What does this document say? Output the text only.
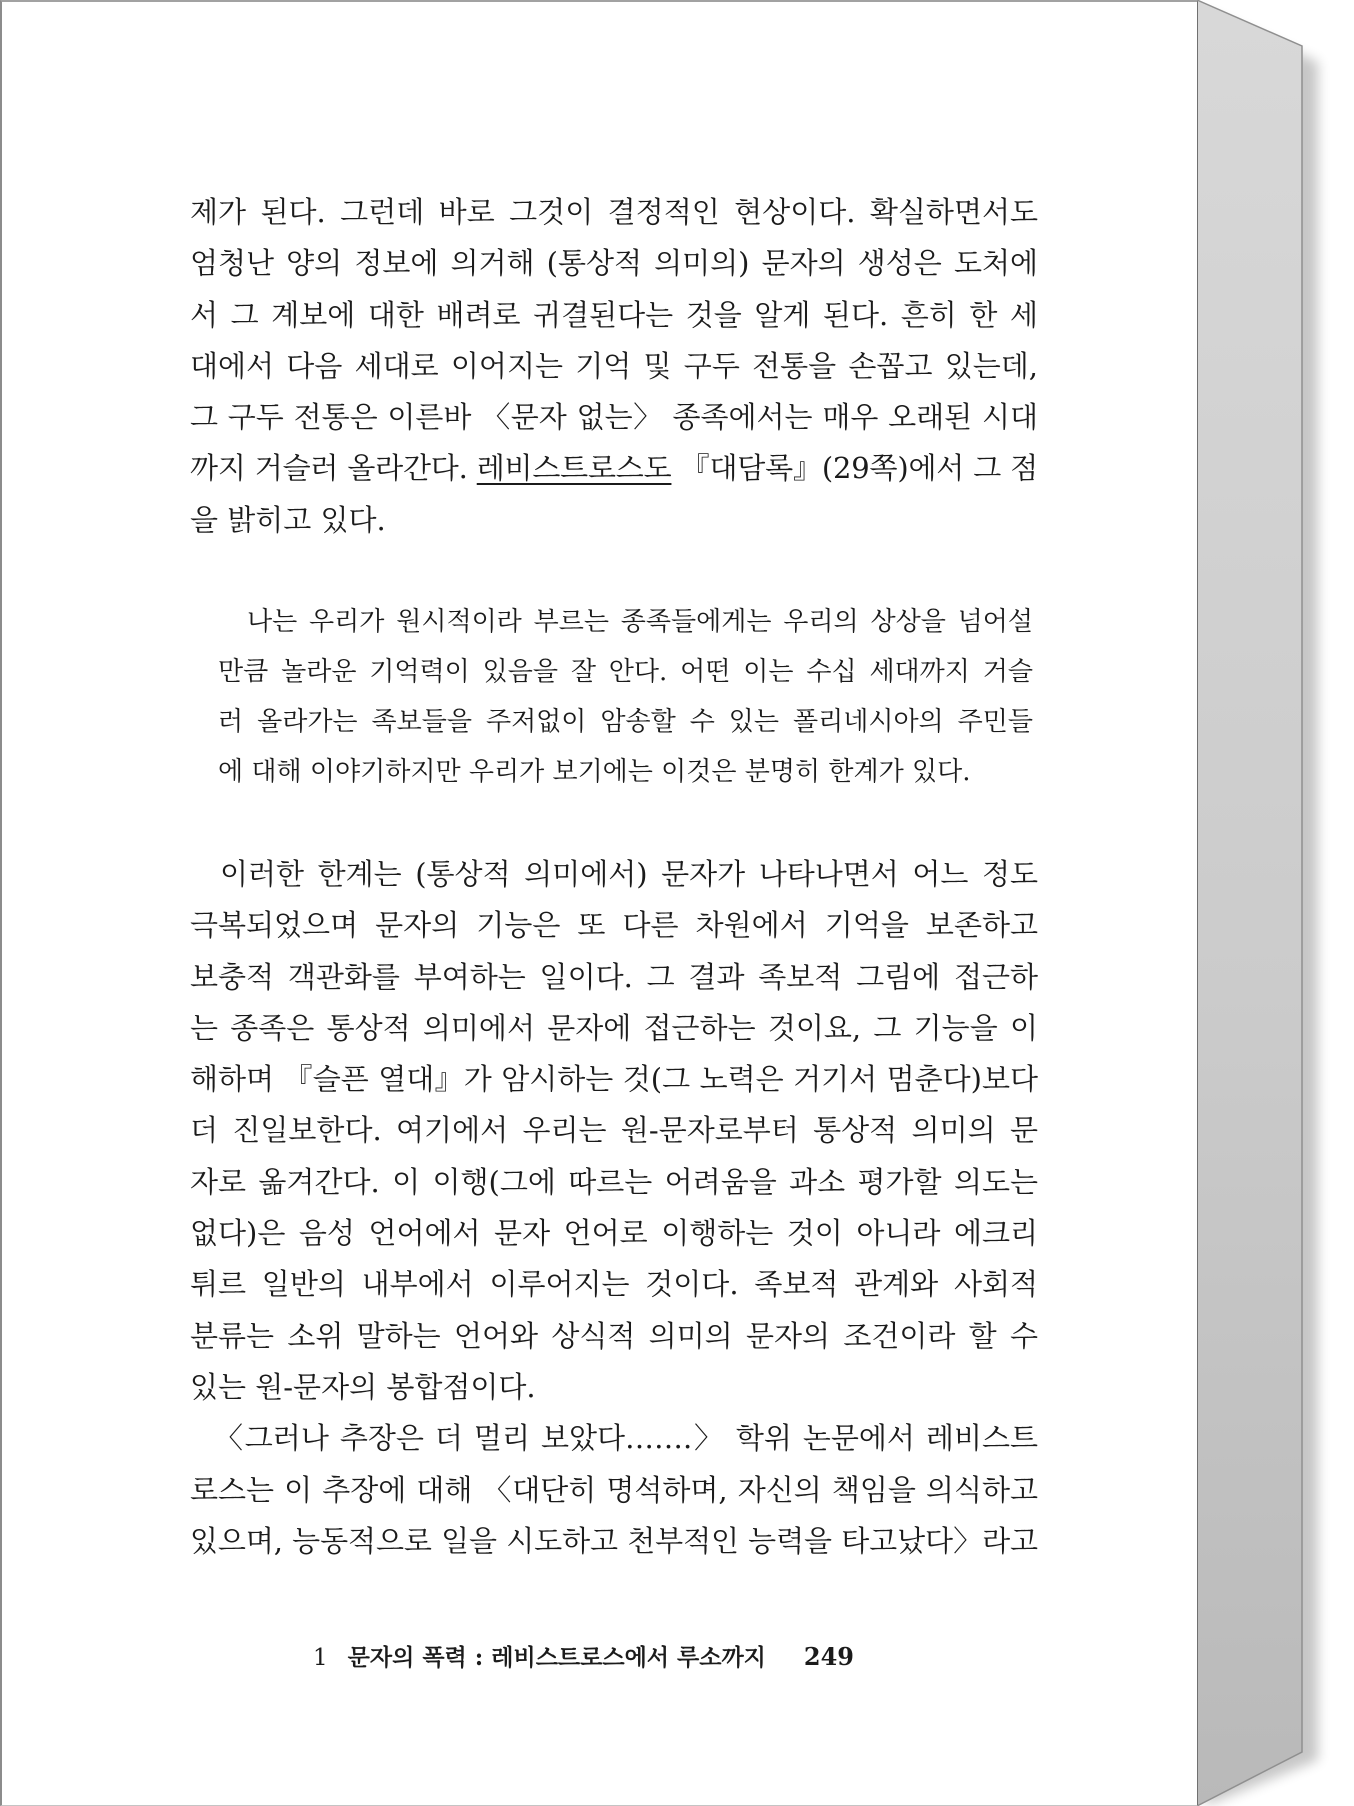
제가 된다. 그런데 바로 그것이 결정적인 현상이다. 확실하면서도
엄청난 양의 정보에 의거해 (통상적 의미의) 문자의 생성은 도처에
서 그 계보에 대한 배려로 귀결된다는 것을 알게 된다. 흔히 한 세
대에서 다음 세대로 이어지는 기억 및 구두 전통을 손꼽고 있는데,
그 구두 전통은 이른바 〈문자 없는〉 종족에서는 매우 오래된 시대
까지 거슬러 올라간다. 레비스트로스도 『대담록』(29쪽)에서 그 점
을 밝히고 있다.
나는 우리가 원시적이라 부르는 종족들에게는 우리의 상상을 넘어설
만큼 놀라운 기억력이 있음을 잘 안다. 어떤 이는 수십 세대까지 거슬
러 올라가는 족보들을 주저없이 암송할 수 있는 폴리네시아의 주민들
에 대해 이야기하지만 우리가 보기에는 이것은 분명히 한계가 있다.
이러한 한계는 (통상적 의미에서) 문자가 나타나면서 어느 정도
극복되었으며 문자의 기능은 또 다른 차원에서 기억을 보존하고
보충적 객관화를 부여하는 일이다. 그 결과 족보적 그림에 접근하
는 종족은 통상적 의미에서 문자에 접근하는 것이요, 그 기능을 이
해하며 『슬픈 열대』가 암시하는 것(그 노력은 거기서 멈춘다)보다
더 진일보한다. 여기에서 우리는 원-문자로부터 통상적 의미의 문
자로 옮겨간다. 이 이행(그에 따르는 어려움을 과소 평가할 의도는
없다)은 음성 언어에서 문자 언어로 이행하는 것이 아니라 에크리
튀르 일반의 내부에서 이루어지는 것이다. 족보적 관계와 사회적
분류는 소위 말하는 언어와 상식적 의미의 문자의 조건이라 할 수
있는 원-문자의 봉합점이다.
〈그러나 추장은 더 멀리 보았다…….〉 학위 논문에서 레비스트
로스는 이 추장에 대해 〈대단히 명석하며, 자신의 책임을 의식하고
있으며, 능동적으로 일을 시도하고 천부적인 능력을 타고났다〉라고
1 문자의 폭력 : 레비스트로스에서 루소까지 249
